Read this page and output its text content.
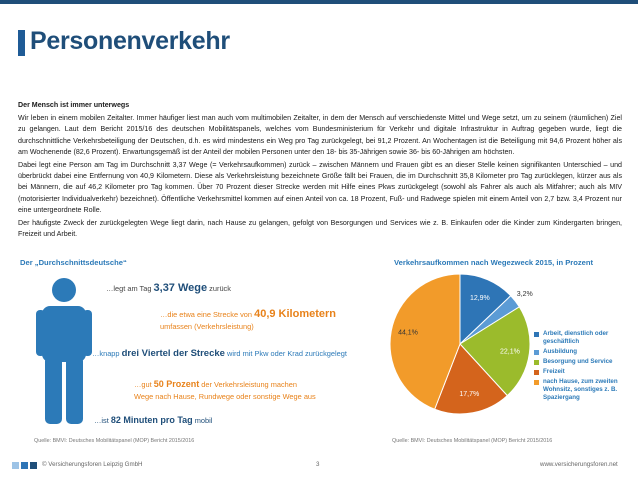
Personenverkehr

Der Mensch ist immer unterwegs

Wir leben in einem mobilen Zeitalter. Immer häufiger liest man auch vom multimobilen Zeitalter, in dem der Mensch auf verschiedenste Mittel und Wege setzt, um zu seinem (räumlichen) Ziel zu gelangen. Laut dem Bericht 2015/16 des deutschen Mobilitätspanels, welches vom Bundesministerium für Verkehr und digitale Infrastruktur in Auftrag gegeben wurde, liegt die durchschnittliche Verkehrsbeteiligung der Deutschen, d.h. es wird mindestens ein Weg pro Tag zurückgelegt, bei 91,2 Prozent. An Wochentagen ist die Beteiligung mit 94,6 Prozent höher als am Wochenende (82,6 Prozent). Erwartungsgemäß ist der Anteil der mobilen Personen unter den 18- bis 35-Jährigen sowie 36- bis 60-Jährigen am höchsten.

Dabei legt eine Person am Tag im Durchschnitt 3,37 Wege (= Verkehrsaufkommen) zurück – zwischen Männern und Frauen gibt es an dieser Stelle keinen signifikanten Unterschied – und überbrückt dabei eine Entfernung von 40,9 Kilometern. Diese als Verkehrsleistung bezeichnete Größe fällt bei Frauen, die im Durchschnitt 35,8 Kilometer pro Tag zurücklegen, kürzer aus als bei Männern, die auf 46,2 Kilometer pro Tag kommen. Über 70 Prozent dieser Strecke werden mit Hilfe eines Pkws zurückgelegt (sowohl als Fahrer als auch als Mitfahrer; auch als MIV (motorisierter Individualverkehr) bezeichnet). Öffentliche Verkehrsmittel kommen auf einen Anteil von ca. 18 Prozent, Fuß- und Radwege spielen mit einem Anteil von 2,7 bzw. 3,4 Prozent nur eine untergeordnete Rolle.

Der häufigste Zweck der zurückgelegten Wege liegt darin, nach Hause zu gelangen, gefolgt von Besorgungen und Services wie z. B. Einkaufen oder die Kinder zum Kindergarten bringen, Freizeit und Arbeit.

Der „Durchschnittsdeutsche“	Verkehrsaufkommen nach Wegezweck 2015, in Prozent
…legt am Tag 3,37 Wege zurück
…die etwa eine Strecke von 40,9 Kilometern
umfassen (Verkehrsleistung)
…knapp drei Viertel der Strecke wird mit Pkw oder Krad zurückgelegt
…gut 50 Prozent der Verkehrsleistung machen
Wege nach Hause, Rundwege oder sonstige Wege aus
…ist 82 Minuten pro Tag mobil
Quelle: BMVI: Deutsches Mobilitätspanel (MOP) Bericht 2015/2016
12,9%
3,2%
22,1%
17,7%
44,1%	Arbeit, dienstlich oder geschäftlich
Ausbildung
Besorgung und Service
Freizeit
nach Hause, zum zweiten Wohnsitz, sonstiges z. B. Spaziergang
Quelle: BMVI: Deutsches Mobilitätspanel (MOP) Bericht 2015/2016
© Versicherungsforen Leipzig GmbH	3	www.versicherungsforen.net
